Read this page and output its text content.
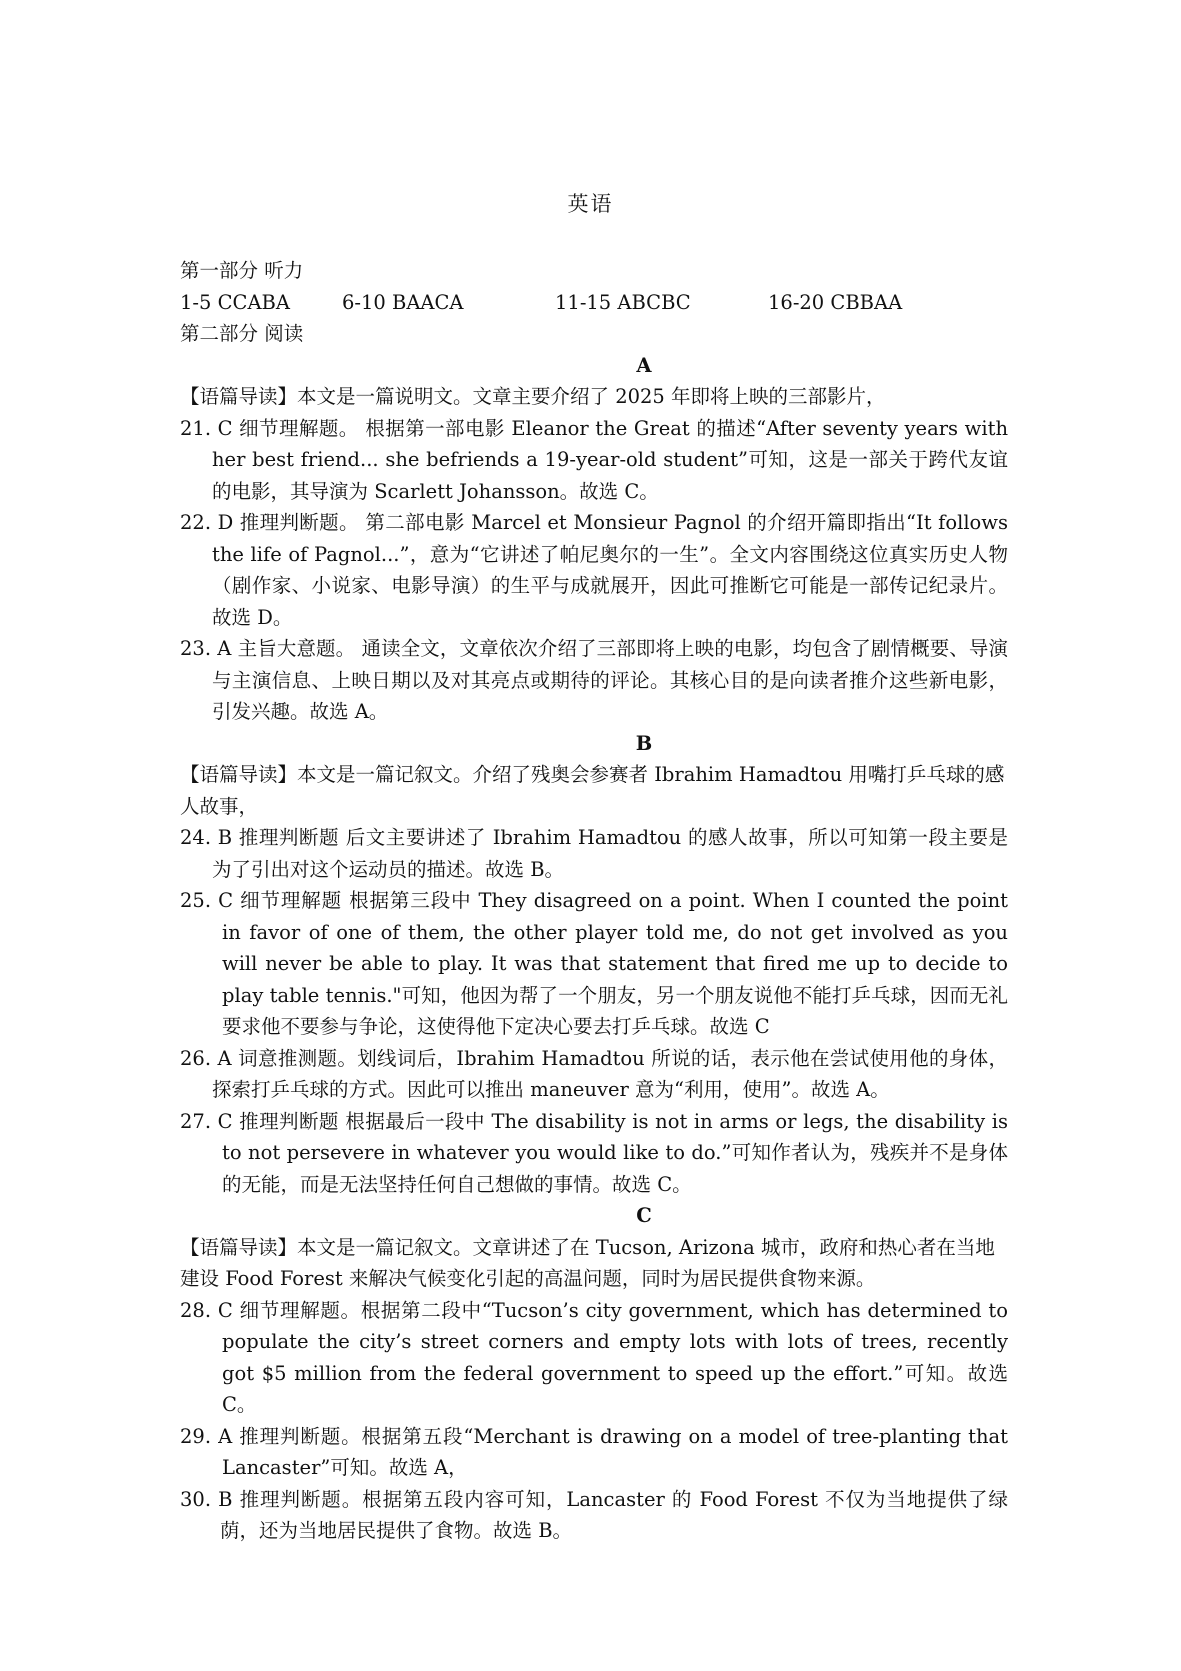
英语
第一部分 听力
1-5 CCABA	6-10 BAACA	11-15 ABCBC	16-20 CBBAA
第二部分 阅读
A
【语篇导读】本文是一篇说明文。文章主要介绍了 2025 年即将上映的三部影片，
21. C 细节理解题。 根据第一部电影 Eleanor the Great 的描述“After seventy years with her best friend... she befriends a 19-year-old student”可知，这是一部关于跨代友谊的电影，其导演为 Scarlett Johansson。故选 C。
22. D 推理判断题。 第二部电影 Marcel et Monsieur Pagnol 的介绍开篇即指出“It follows the life of Pagnol...”，意为“它讲述了帕尼奥尔的一生”。全文内容围绕这位真实历史人物（剧作家、小说家、电影导演）的生平与成就展开，因此可推断它可能是一部传记纪录片。故选 D。
23. A 主旨大意题。 通读全文，文章依次介绍了三部即将上映的电影，均包含了剧情概要、导演与主演信息、上映日期以及对其亮点或期待的评论。其核心目的是向读者推介这些新电影，引发兴趣。故选 A。
B
【语篇导读】本文是一篇记叙文。介绍了残奥会参赛者 Ibrahim Hamadtou 用嘴打乒乓球的感人故事，
24. B 推理判断题 后文主要讲述了 Ibrahim Hamadtou 的感人故事，所以可知第一段主要是为了引出对这个运动员的描述。故选 B。
25. C 细节理解题 根据第三段中 They disagreed on a point. When I counted the point in favor of one of them, the other player told me, do not get involved as you will never be able to play. It was that statement that fired me up to decide to play table tennis."可知，他因为帮了一个朋友，另一个朋友说他不能打乒乓球，因而无礼要求他不要参与争论，这使得他下定决心要去打乒乓球。故选 C
26. A 词意推测题。划线词后，Ibrahim Hamadtou 所说的话，表示他在尝试使用他的身体，探索打乒乓球的方式。因此可以推出 maneuver 意为“利用，使用”。故选 A。
27. C 推理判断题 根据最后一段中 The disability is not in arms or legs, the disability is to not persevere in whatever you would like to do.”可知作者认为，残疾并不是身体的无能，而是无法坚持任何自己想做的事情。故选 C。
C
【语篇导读】本文是一篇记叙文。文章讲述了在 Tucson, Arizona 城市，政府和热心者在当地建设 Food Forest 来解决气候变化引起的高温问题，同时为居民提供食物来源。
28. C 细节理解题。根据第二段中“Tucson’s city government, which has determined to populate the city’s street corners and empty lots with lots of trees, recently got $5 million from the federal government to speed up the effort.”可知。故选 C。
29. A 推理判断题。根据第五段“Merchant is drawing on a model of tree-planting that Lancaster”可知。故选 A，
30. B 推理判断题。根据第五段内容可知，Lancaster 的 Food Forest 不仅为当地提供了绿荫，还为当地居民提供了食物。故选 B。
